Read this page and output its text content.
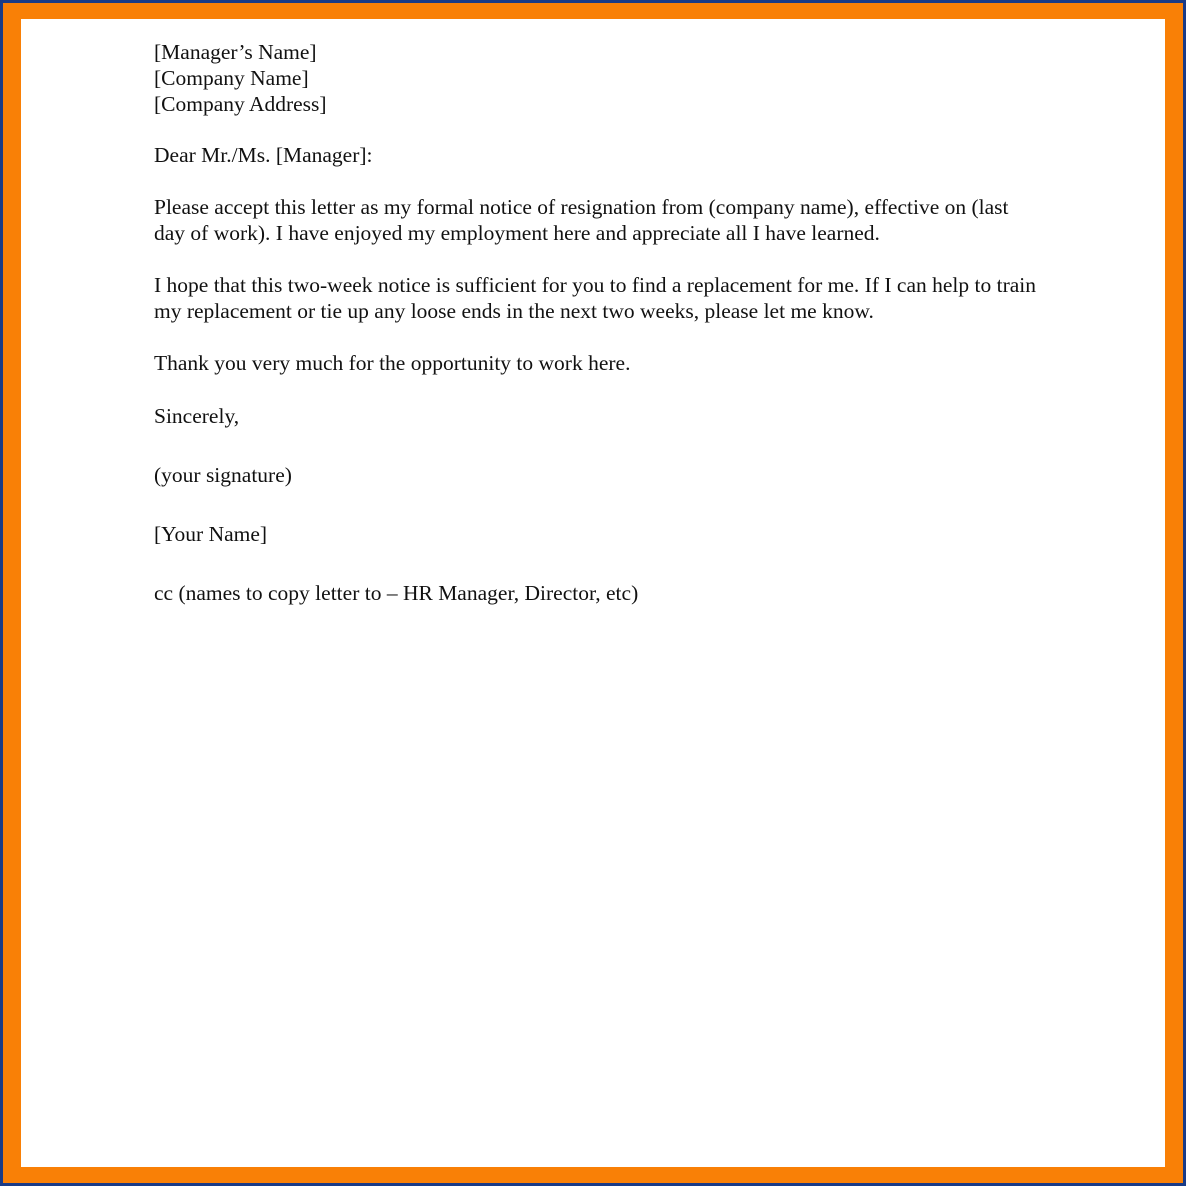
[Manager’s Name]
[Company Name]
[Company Address]

Dear Mr./Ms. [Manager]:

Please accept this letter as my formal notice of resignation from (company name), effective on (last day of work). I have enjoyed my employment here and appreciate all I have learned.

I hope that this two-week notice is sufficient for you to find a replacement for me. If I can help to train my replacement or tie up any loose ends in the next two weeks, please let me know.

Thank you very much for the opportunity to work here.

Sincerely,

(your signature)

[Your Name]

cc (names to copy letter to – HR Manager, Director, etc)
